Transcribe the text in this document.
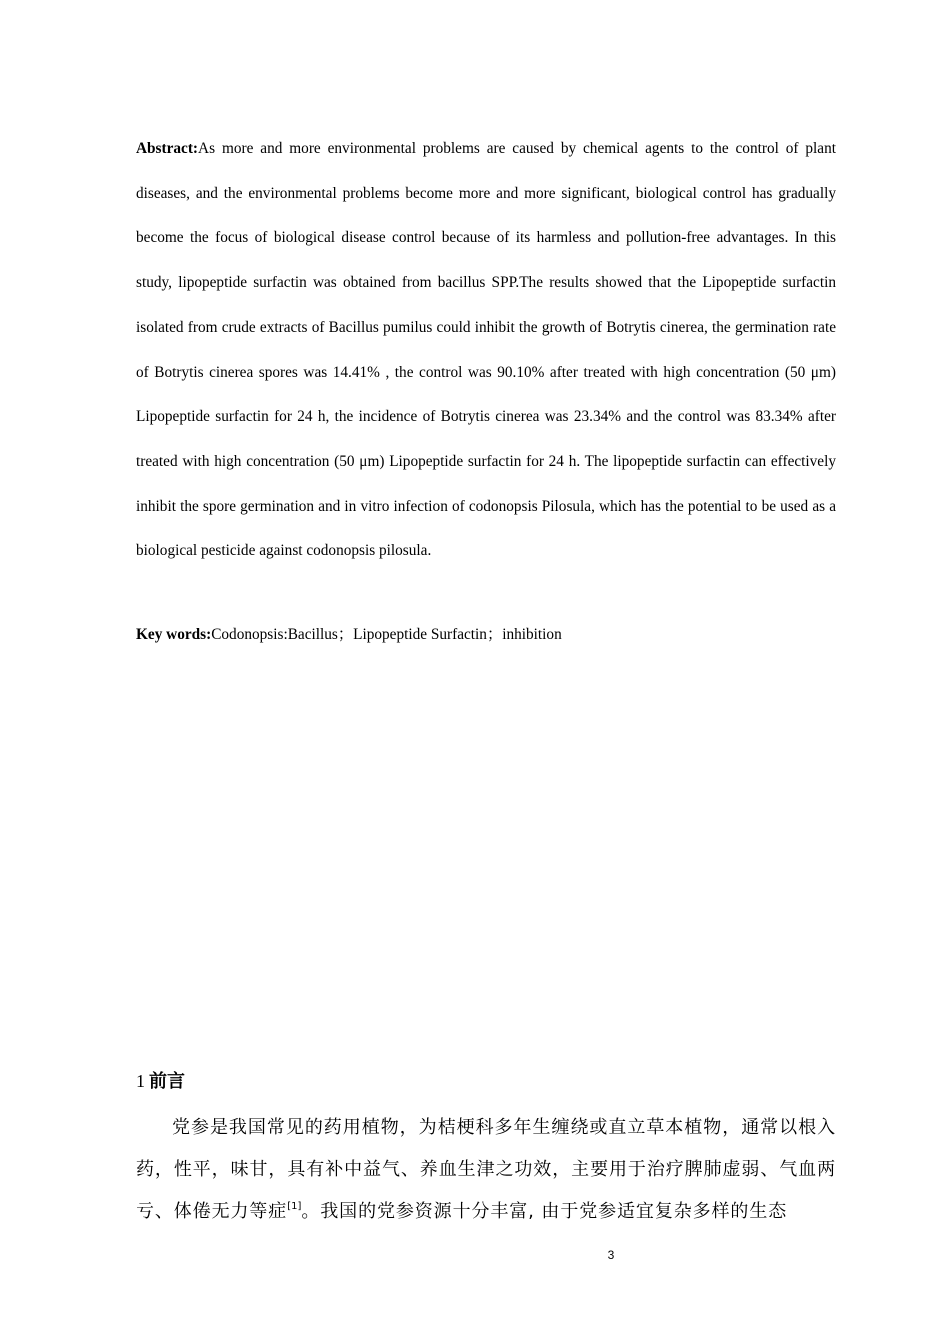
Abstract:As more and more environmental problems are caused by chemical agents to the control of plant diseases, and the environmental problems become more and more significant, biological control has gradually become the focus of biological disease control because of its harmless and pollution-free advantages. In this study, lipopeptide surfactin was obtained from bacillus SPP.The results showed that the Lipopeptide surfactin isolated from crude extracts of Bacillus pumilus could inhibit the growth of Botrytis cinerea, the germination rate of Botrytis cinerea spores was 14.41% , the control was 90.10% after treated with high concentration (50 μm) Lipopeptide surfactin for 24 h, the incidence of Botrytis cinerea was 23.34% and the control was 83.34% after treated with high concentration (50 μm) Lipopeptide surfactin for 24 h. The lipopeptide surfactin can effectively inhibit the spore germination and in vitro infection of codonopsis Pilosula, which has the potential to be used as a biological pesticide against codonopsis pilosula.

Key words:Codonopsis:Bacillus；Lipopeptide Surfactin；inhibition

1 前言

党参是我国常见的药用植物，为桔梗科多年生缠绕或直立草本植物，通常以根入药，性平，味甘，具有补中益气、养血生津之功效，主要用于治疗脾肺虚弱、气血两亏、体倦无力等症[1]。我国的党参资源十分丰富, 由于党参适宜复杂多样的生态

3
